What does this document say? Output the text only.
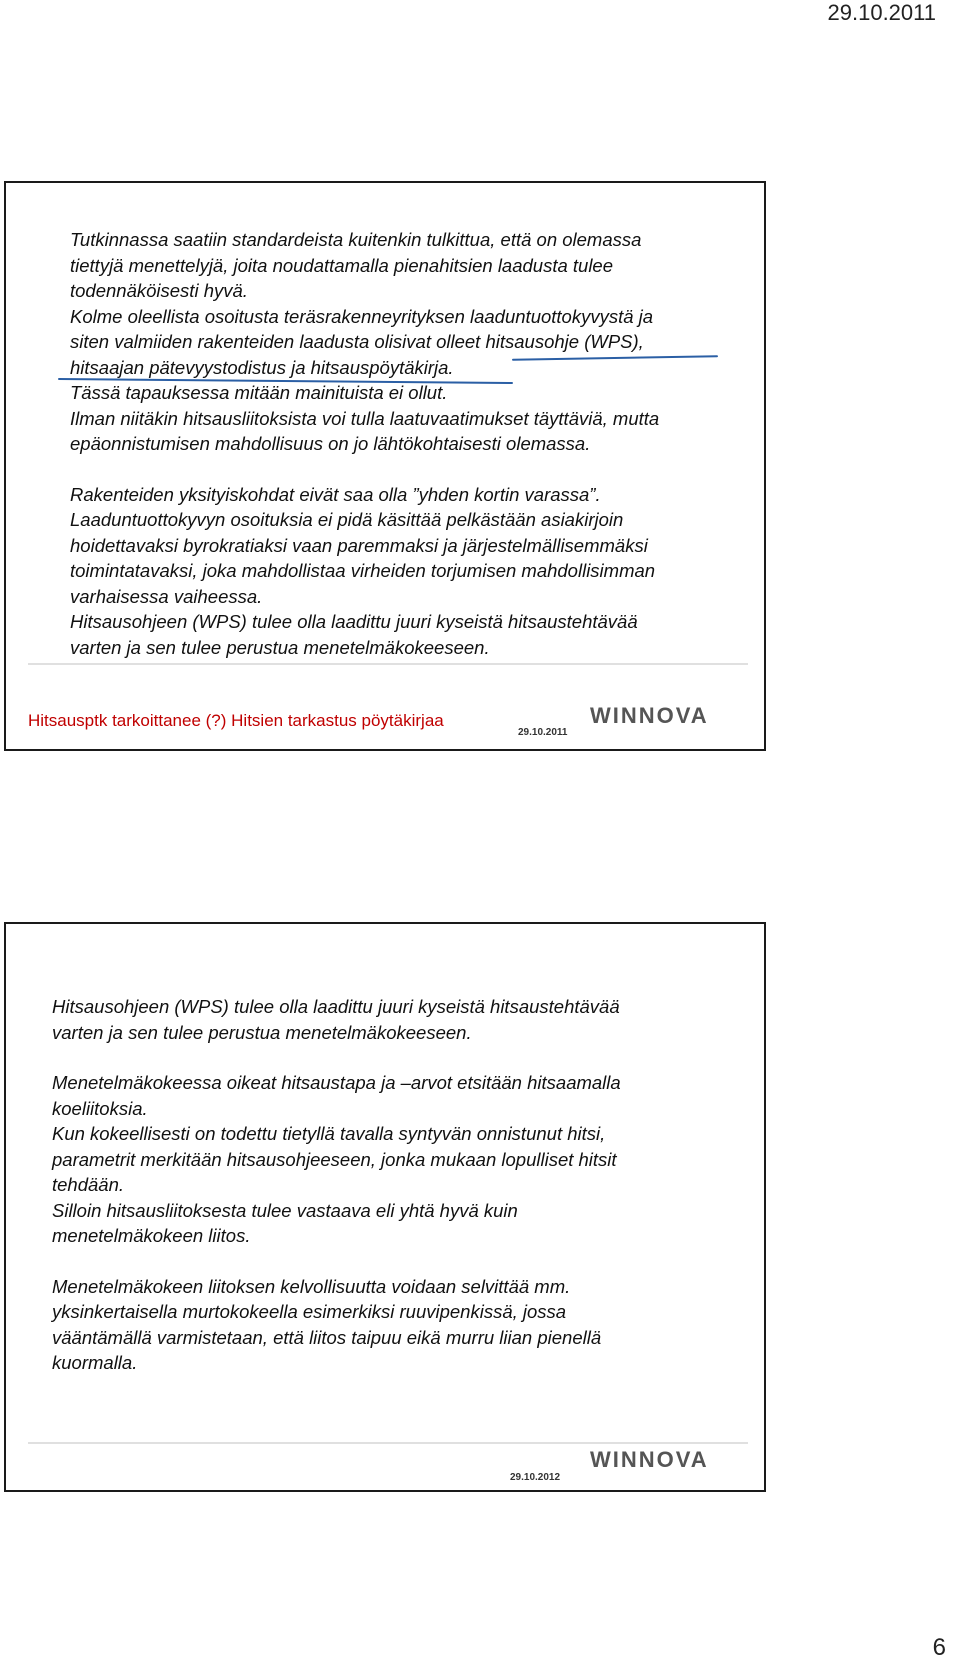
29.10.2011

Tutkinnassa saatiin standardeista kuitenkin tulkittua, että on olemassa
tiettyjä menettelyjä, joita noudattamalla pienahitsien laadusta tulee
todennäköisesti hyvä.

Kolme oleellista osoitusta teräsrakenneyrityksen laaduntuottokyvystä ja
siten valmiiden rakenteiden laadusta olisivat olleet hitsausohje (WPS),
hitsaajan pätevyystodistus ja hitsauspöytäkirja.

Tässä tapauksessa mitään mainituista ei ollut.

Ilman niitäkin hitsausliitoksista voi tulla laatuvaatimukset täyttäviä, mutta
epäonnistumisen mahdollisuus on jo lähtökohtaisesti olemassa.

Rakenteiden yksityiskohdat eivät saa olla ”yhden kortin varassa”.

Laaduntuottokyvyn osoituksia ei pidä käsittää pelkästään asiakirjoin
hoidettavaksi byrokratiaksi vaan paremmaksi ja järjestelmällisemmäksi
toimintatavaksi, joka mahdollistaa virheiden torjumisen mahdollisimman
varhaisessa vaiheessa.

Hitsausohjeen (WPS) tulee olla laadittu juuri kyseistä hitsaustehtävää
varten ja sen tulee perustua menetelmäkokeeseen.

Hitsausptk tarkoittanee (?) Hitsien tarkastus pöytäkirjaa
29.10.2011
WINNOVA

Hitsausohjeen (WPS) tulee olla laadittu juuri kyseistä hitsaustehtävää
varten ja sen tulee perustua menetelmäkokeeseen.

Menetelmäkokeessa oikeat hitsaustapa ja –arvot etsitään hitsaamalla
koeliitoksia.

Kun kokeellisesti on todettu tietyllä tavalla syntyvän onnistunut hitsi,
parametrit merkitään hitsausohjeeseen, jonka mukaan lopulliset hitsit
tehdään.

Silloin hitsausliitoksesta tulee vastaava eli yhtä hyvä kuin
menetelmäkokeen liitos.

Menetelmäkokeen liitoksen kelvollisuutta voidaan selvittää mm.
yksinkertaisella murtokokeella esimerkiksi ruuvipenkissä, jossa
vääntämällä varmistetaan, että liitos taipuu eikä murru liian pienellä
kuormalla.

29.10.2012
WINNOVA
6
